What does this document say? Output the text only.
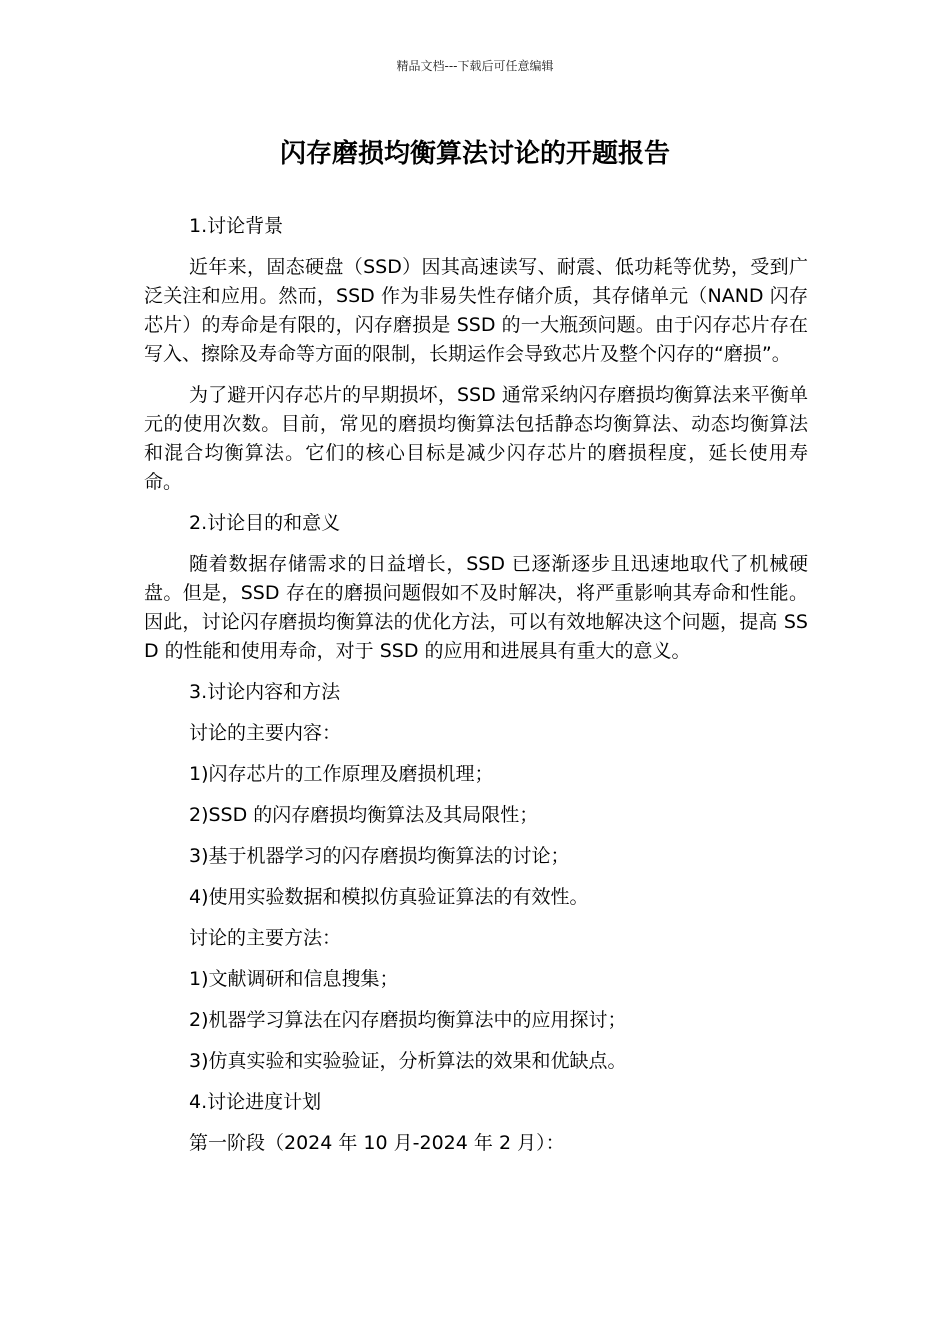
精品文档---下载后可任意编辑
闪存磨损均衡算法讨论的开题报告

1.讨论背景

近年来，固态硬盘（SSD）因其高速读写、耐震、低功耗等优势，受到广泛关注和应用。然而，SSD 作为非易失性存储介质，其存储单元（NAND 闪存芯片）的寿命是有限的，闪存磨损是 SSD 的一大瓶颈问题。由于闪存芯片存在写入、擦除及寿命等方面的限制，长期运作会导致芯片及整个闪存的“磨损”。

为了避开闪存芯片的早期损坏，SSD 通常采纳闪存磨损均衡算法来平衡单元的使用次数。目前，常见的磨损均衡算法包括静态均衡算法、动态均衡算法和混合均衡算法。它们的核心目标是减少闪存芯片的磨损程度，延长使用寿命。

2.讨论目的和意义

随着数据存储需求的日益增长，SSD 已逐渐逐步且迅速地取代了机械硬盘。但是，SSD 存在的磨损问题假如不及时解决，将严重影响其寿命和性能。因此，讨论闪存磨损均衡算法的优化方法，可以有效地解决这个问题，提高 SSD 的性能和使用寿命，对于 SSD 的应用和进展具有重大的意义。

3.讨论内容和方法

讨论的主要内容：

1)闪存芯片的工作原理及磨损机理；

2)SSD 的闪存磨损均衡算法及其局限性；

3)基于机器学习的闪存磨损均衡算法的讨论；

4)使用实验数据和模拟仿真验证算法的有效性。

讨论的主要方法：

1)文献调研和信息搜集；

2)机器学习算法在闪存磨损均衡算法中的应用探讨；

3)仿真实验和实验验证，分析算法的效果和优缺点。

4.讨论进度计划

第一阶段（2024 年 10 月-2024 年 2 月）：
